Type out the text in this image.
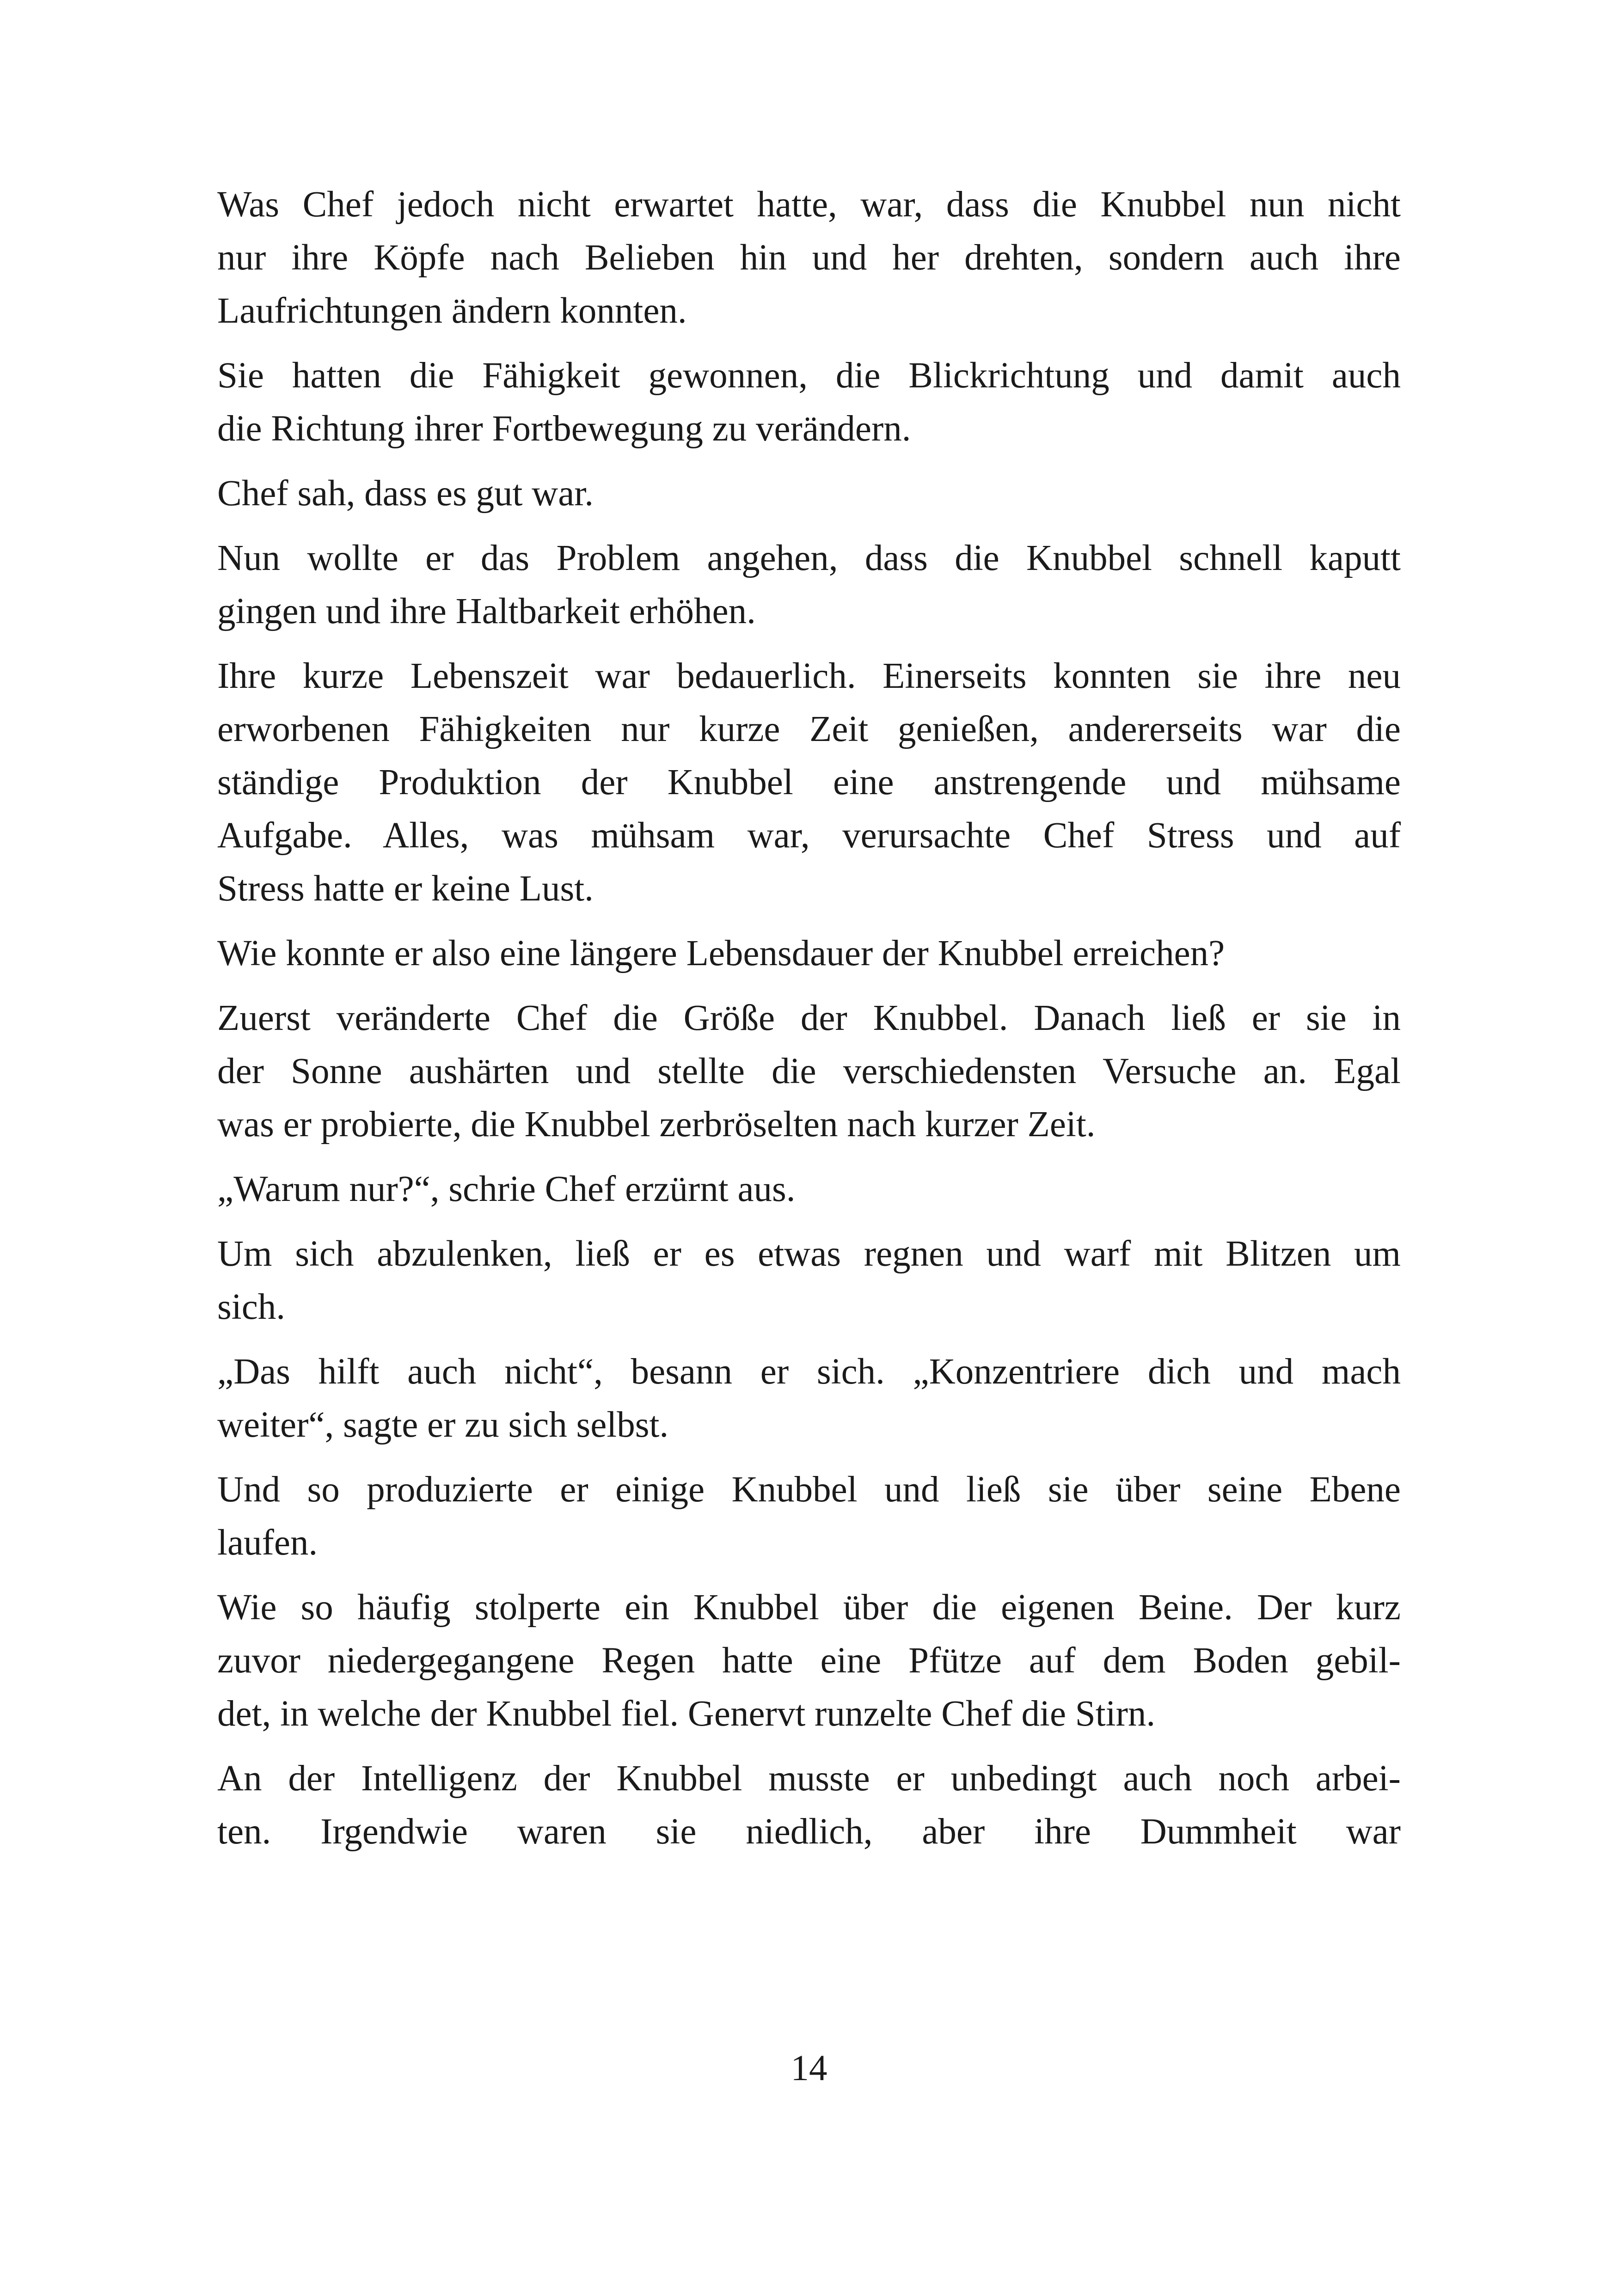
Was Chef jedoch nicht erwartet hatte, war, dass die Knubbel nun nicht
nur ihre Köpfe nach Belieben hin und her drehten, sondern auch ihre
Laufrichtungen ändern konnten.

Sie hatten die Fähigkeit gewonnen, die Blickrichtung und damit auch
die Richtung ihrer Fortbewegung zu verändern.

Chef sah, dass es gut war.

Nun wollte er das Problem angehen, dass die Knubbel schnell kaputt
gingen und ihre Haltbarkeit erhöhen.

Ihre kurze Lebenszeit war bedauerlich. Einerseits konnten sie ihre neu
erworbenen Fähigkeiten nur kurze Zeit genießen, andererseits war die
ständige Produktion der Knubbel eine anstrengende und mühsame
Aufgabe. Alles, was mühsam war, verursachte Chef Stress und auf
Stress hatte er keine Lust.

Wie konnte er also eine längere Lebensdauer der Knubbel erreichen?

Zuerst veränderte Chef die Größe der Knubbel. Danach ließ er sie in
der Sonne aushärten und stellte die verschiedensten Versuche an. Egal
was er probierte, die Knubbel zerbröselten nach kurzer Zeit.

„Warum nur?“, schrie Chef erzürnt aus.

Um sich abzulenken, ließ er es etwas regnen und warf mit Blitzen um
sich.

„Das hilft auch nicht“, besann er sich. „Konzentriere dich und mach
weiter“, sagte er zu sich selbst.

Und so produzierte er einige Knubbel und ließ sie über seine Ebene
laufen.

Wie so häufig stolperte ein Knubbel über die eigenen Beine. Der kurz
zuvor niedergegangene Regen hatte eine Pfütze auf dem Boden gebil-
det, in welche der Knubbel fiel. Genervt runzelte Chef die Stirn.

An der Intelligenz der Knubbel musste er unbedingt auch noch arbei-
ten. Irgendwie waren sie niedlich, aber ihre Dummheit war

14
